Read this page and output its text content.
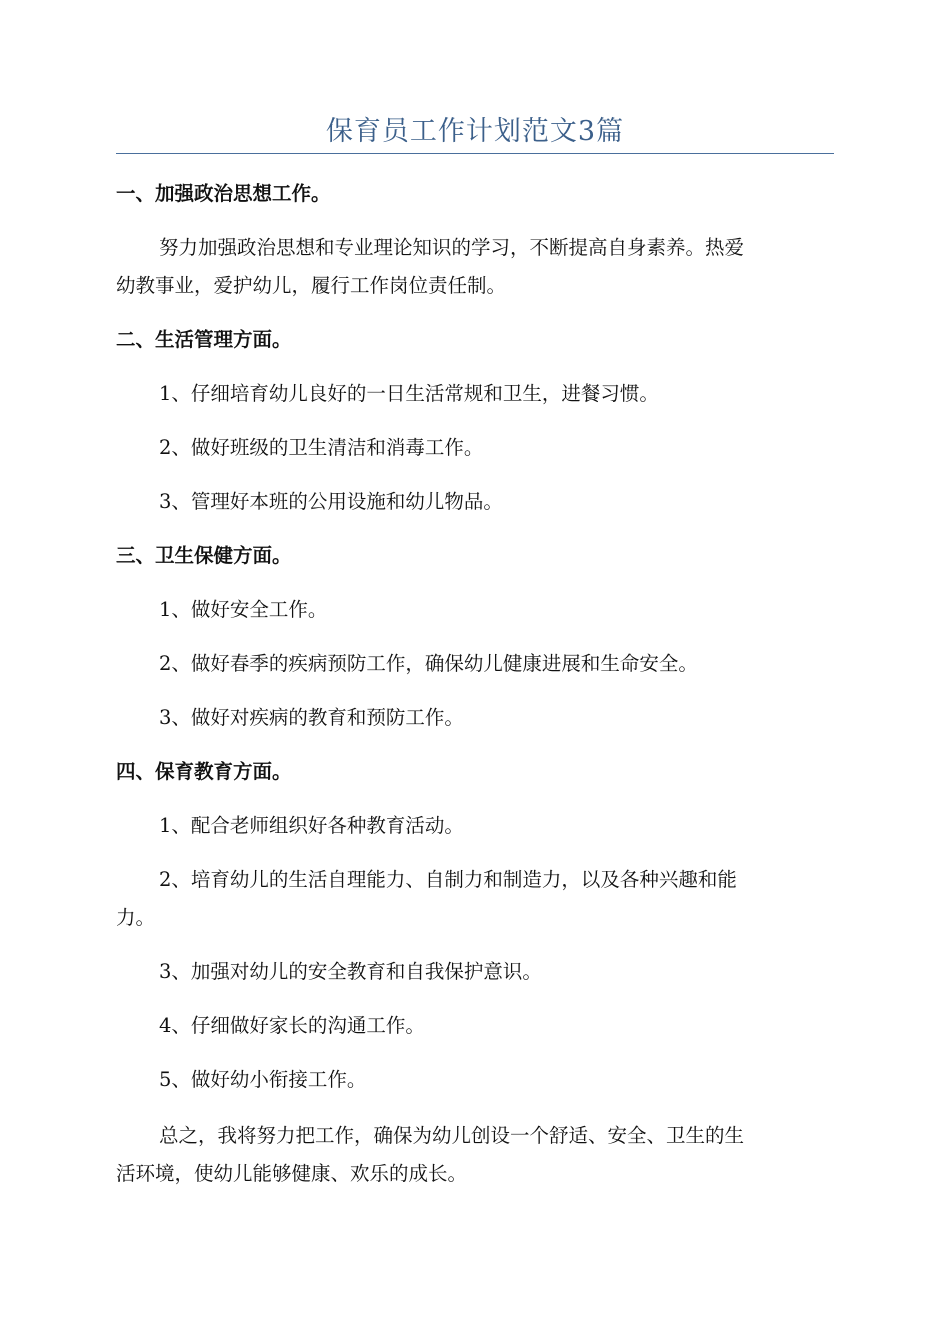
保育员工作计划范文3篇

一、加强政治思想工作。

努力加强政治思想和专业理论知识的学习，不断提高自身素养。热爱

幼教事业，爱护幼儿，履行工作岗位责任制。

二、生活管理方面。

1、仔细培育幼儿良好的一日生活常规和卫生，进餐习惯。

2、做好班级的卫生清洁和消毒工作。

3、管理好本班的公用设施和幼儿物品。

三、卫生保健方面。

1、做好安全工作。

2、做好春季的疾病预防工作，确保幼儿健康进展和生命安全。

3、做好对疾病的教育和预防工作。

四、保育教育方面。

1、配合老师组织好各种教育活动。

2、培育幼儿的生活自理能力、自制力和制造力，以及各种兴趣和能

力。

3、加强对幼儿的安全教育和自我保护意识。

4、仔细做好家长的沟通工作。

5、做好幼小衔接工作。

总之，我将努力把工作，确保为幼儿创设一个舒适、安全、卫生的生

活环境，使幼儿能够健康、欢乐的成长。
